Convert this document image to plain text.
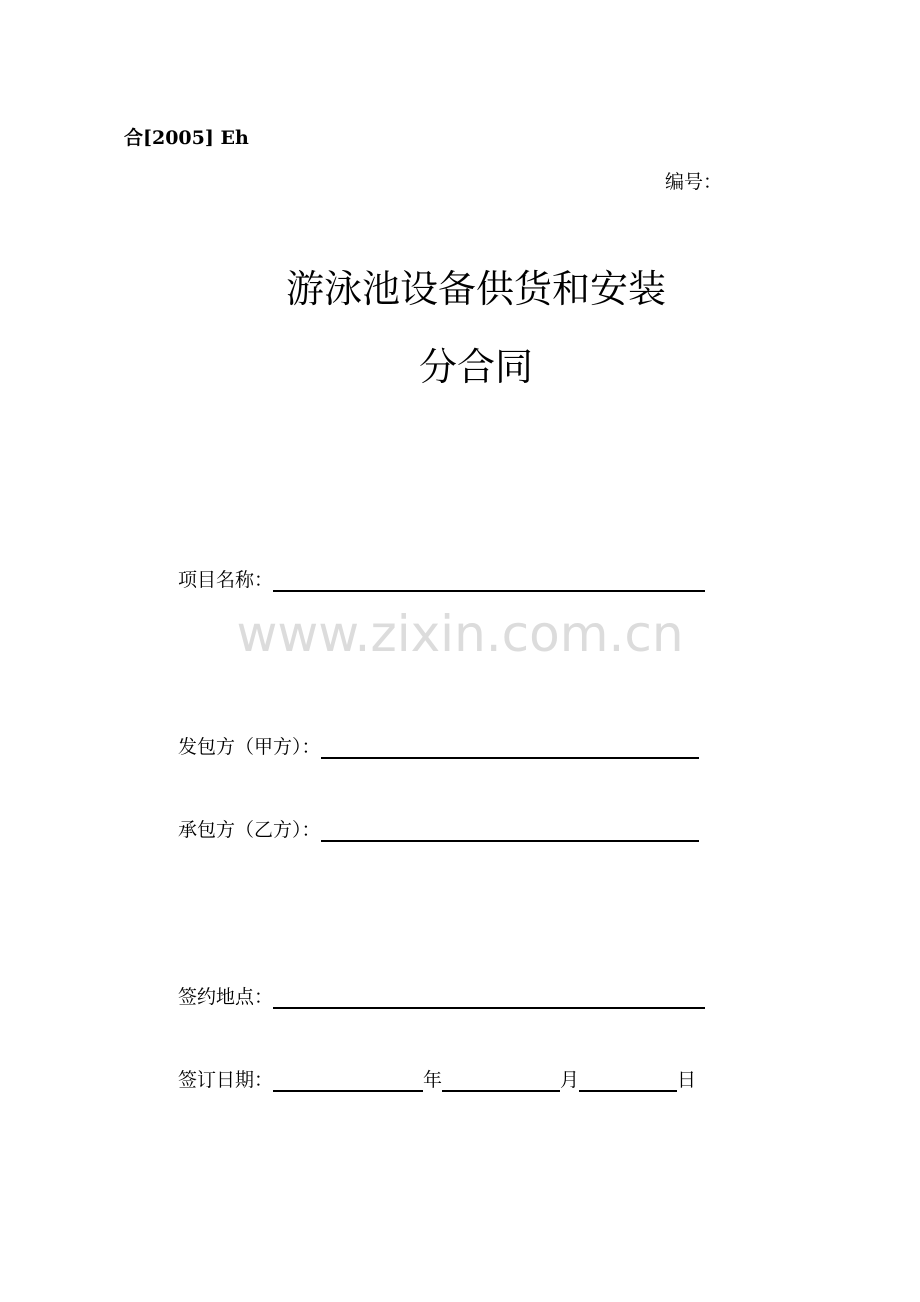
合[2005] Eh
编号：
游泳池设备供货和安装
分合同
项目名称：
www.zixin.com.cn
发包方（甲方）：
承包方（乙方）：
签约地点：
签订日期：	年	月	日
